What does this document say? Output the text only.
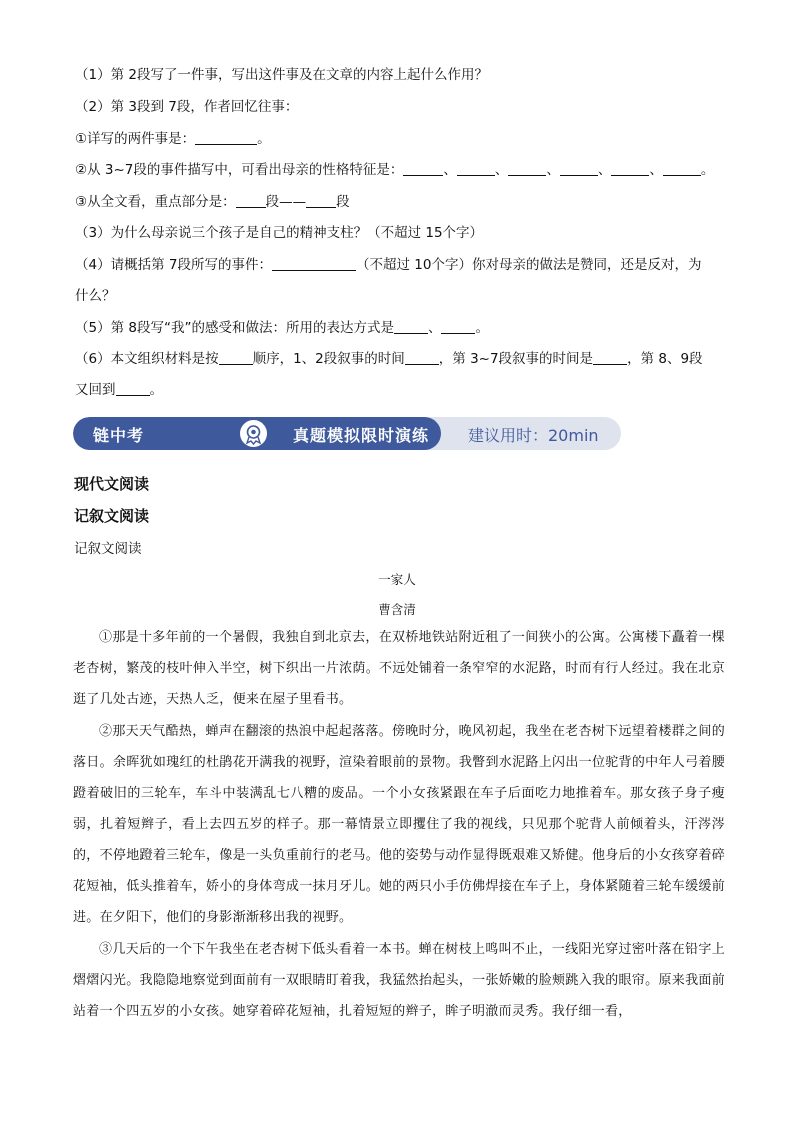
（1）第 2段写了一件事，写出这件事及在文章的内容上起什么作用？
（2）第 3段到 7段，作者回忆往事：
①详写的两件事是：	。
②从 3~7段的事件描写中，可看出母亲的性格特征是：	、	、	、	、	、	。
③从全文看，重点部分是： 段—— 段
（3）为什么母亲说三个孩子是自己的精神支柱？（不超过 15个字）
（4）请概括第 7段所写的事件：	（不超过 10个字）你对母亲的做法是赞同，还是反对，为
什么？
（5）第 8段写“我”的感受和做法：所用的表达方式是	、	。
（6）本文组织材料是按	顺序，1、2段叙事的时间	，第 3~7段叙事的时间是	，第 8、9段
又回到	。
链中考	真题模拟限时演练 建议用时：20min
现代文阅读
记叙文阅读
记叙文阅读
一家人
曹含清
①那是十多年前的一个暑假，我独自到北京去，在双桥地铁站附近租了一间狭小的公寓。公寓楼下矗着一棵老杏树，繁茂的枝叶伸入半空，树下织出一片浓荫。不远处铺着一条窄窄的水泥路，时而有行人经过。我在北京逛了几处古迹，天热人乏，便来在屋子里看书。
②那天天气酷热，蝉声在翻滚的热浪中起起落落。傍晚时分，晚风初起，我坐在老杏树下远望着楼群之间的落日。余晖犹如瑰红的杜鹃花开满我的视野，渲染着眼前的景物。我瞥到水泥路上闪出一位驼背的中年人弓着腰蹬着破旧的三轮车，车斗中装满乱七八糟的废品。一个小女孩紧跟在车子后面吃力地推着车。那女孩子身子瘦弱，扎着短辫子，看上去四五岁的样子。那一幕情景立即攫住了我的视线，只见那个驼背人前倾着头，汗涔涔的，不停地蹬着三轮车，像是一头负重前行的老马。他的姿势与动作显得既艰难又矫健。他身后的小女孩穿着碎花短袖，低头推着车，娇小的身体弯成一抹月牙儿。她的两只小手仿佛焊接在车子上，身体紧随着三轮车缓缓前进。在夕阳下，他们的身影渐渐移出我的视野。
③几天后的一个下午我坐在老杏树下低头看着一本书。蝉在树枝上鸣叫不止，一线阳光穿过密叶落在铅字上熠熠闪光。我隐隐地察觉到面前有一双眼睛盯着我，我猛然抬起头，一张娇嫩的脸颊跳入我的眼帘。原来我面前站着一个四五岁的小女孩。她穿着碎花短袖，扎着短短的辫子，眸子明澈而灵秀。我仔细一看，
